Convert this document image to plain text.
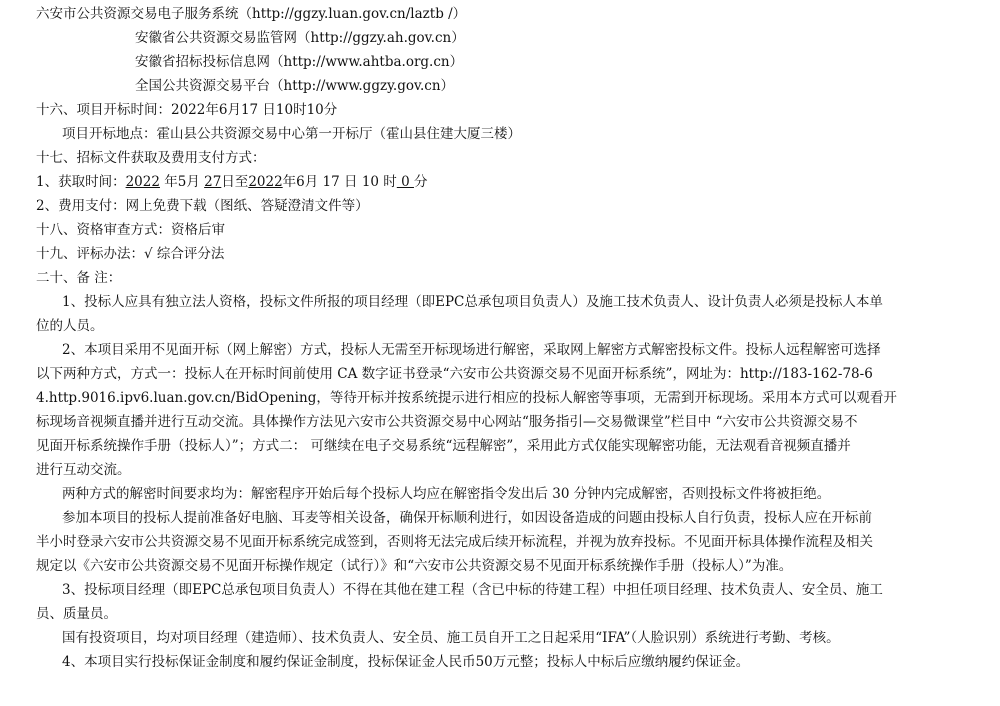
六安市公共资源交易电子服务系统（http://ggzy.luan.gov.cn/laztb /）
安徽省公共资源交易监管网（http://ggzy.ah.gov.cn）
安徽省招标投标信息网（http://www.ahtba.org.cn）
全国公共资源交易平台（http://www.ggzy.gov.cn）
十六、项目开标时间：2022年6月17 日10时10分
项目开标地点：霍山县公共资源交易中心第一开标厅（霍山县住建大厦三楼）
十七、招标文件获取及费用支付方式：
1、获取时间：2022 年5月 27日至2022年6月 17 日 10 时 0 分
2、费用支付：网上免费下载（图纸、答疑澄清文件等）
十八、资格审查方式：资格后审
十九、评标办法：√ 综合评分法
二十、备 注：
1、投标人应具有独立法人资格，投标文件所报的项目经理（即EPC总承包项目负责人）及施工技术负责人、设计负责人必须是投标人本单
位的人员。
2、本项目采用不见面开标（网上解密）方式，投标人无需至开标现场进行解密，采取网上解密方式解密投标文件。投标人远程解密可选择
以下两种方式，方式一：投标人在开标时间前使用 CA 数字证书登录“六安市公共资源交易不见面开标系统”，网址为：http://183-162-78-6
4.http.9016.ipv6.luan.gov.cn/BidOpening，等待开标并按系统提示进行相应的投标人解密等事项，无需到开标现场。采用本方式可以观看开
标现场音视频直播并进行互动交流。具体操作方法见六安市公共资源交易中心网站“服务指引—交易微课堂”栏目中 “六安市公共资源交易不
见面开标系统操作手册（投标人）”；方式二： 可继续在电子交易系统“远程解密”，采用此方式仅能实现解密功能，无法观看音视频直播并
进行互动交流。
两种方式的解密时间要求均为：解密程序开始后每个投标人均应在解密指令发出后 30 分钟内完成解密，否则投标文件将被拒绝。
参加本项目的投标人提前准备好电脑、耳麦等相关设备，确保开标顺利进行，如因设备造成的问题由投标人自行负责，投标人应在开标前
半小时登录六安市公共资源交易不见面开标系统完成签到，否则将无法完成后续开标流程，并视为放弃投标。不见面开标具体操作流程及相关
规定以《六安市公共资源交易不见面开标操作规定（试行）》和“六安市公共资源交易不见面开标系统操作手册（投标人）”为准。
3、投标项目经理（即EPC总承包项目负责人）不得在其他在建工程（含已中标的待建工程）中担任项目经理、技术负责人、安全员、施工
员、质量员。
国有投资项目，均对项目经理（建造师）、技术负责人、安全员、施工员自开工之日起采用“IFA”（人脸识别）系统进行考勤、考核。
4、本项目实行投标保证金制度和履约保证金制度，投标保证金人民币50万元整；投标人中标后应缴纳履约保证金。
